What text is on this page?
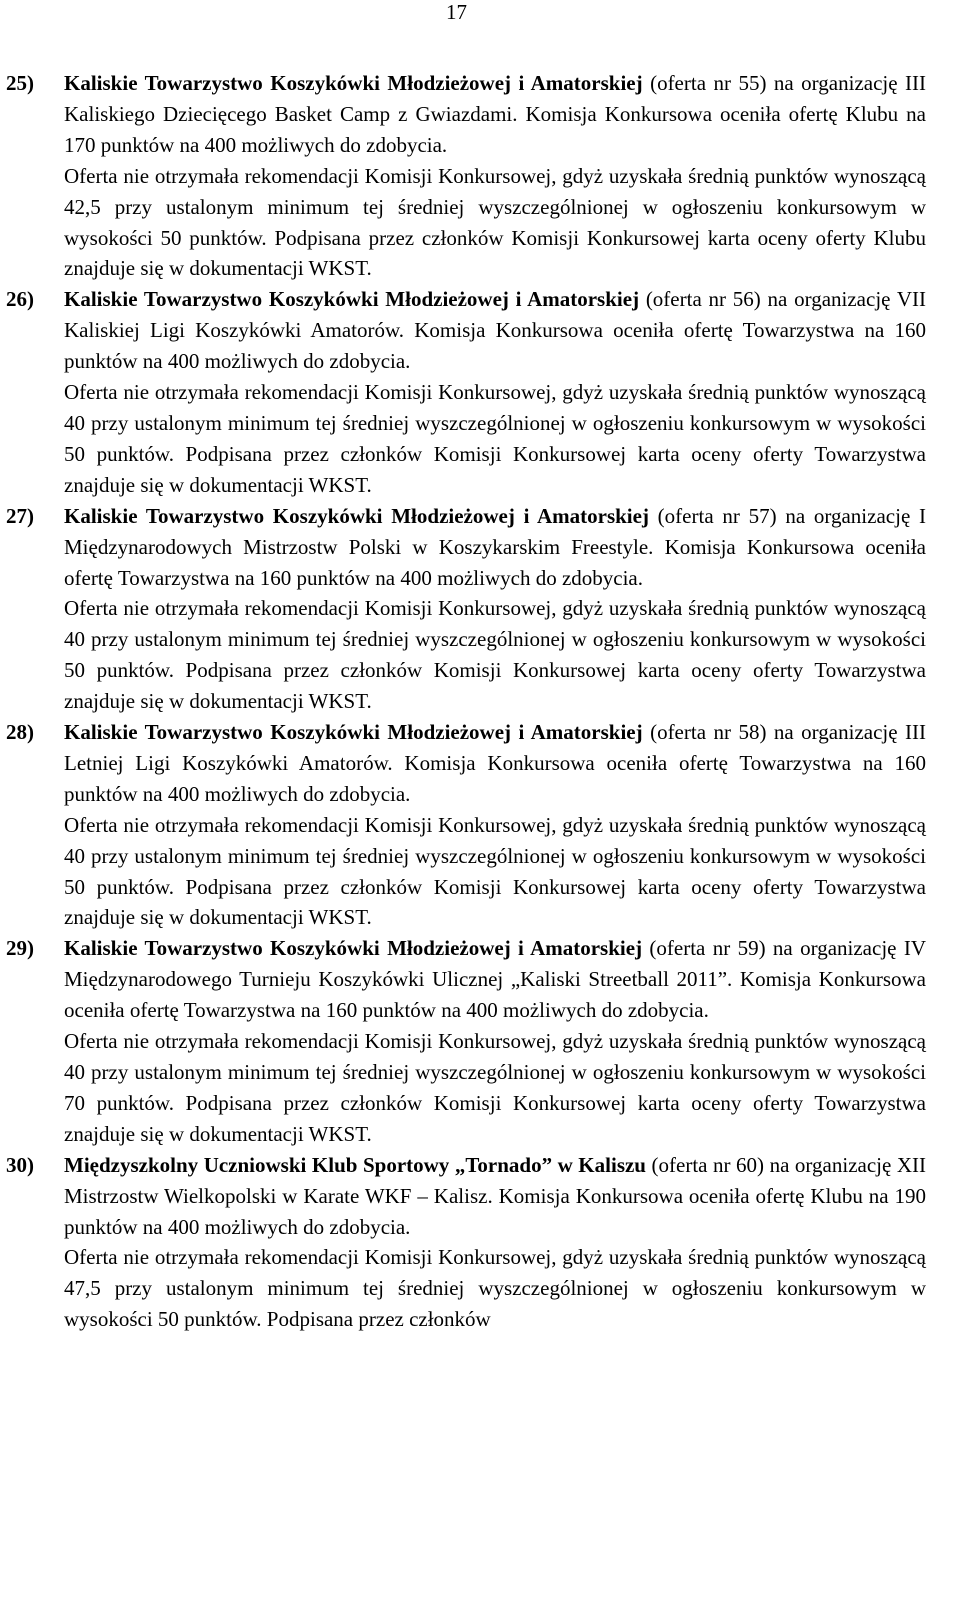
17
25) Kaliskie Towarzystwo Koszykówki Młodzieżowej i Amatorskiej (oferta nr 55) na organizację III Kaliskiego Dziecięcego Basket Camp z Gwiazdami. Komisja Konkursowa oceniła ofertę Klubu na 170 punktów na 400 możliwych do zdobycia.

Oferta nie otrzymała rekomendacji Komisji Konkursowej, gdyż uzyskała średnią punktów wynoszącą 42,5 przy ustalonym minimum tej średniej wyszczególnionej w ogłoszeniu konkursowym w wysokości 50 punktów. Podpisana przez członków Komisji Konkursowej karta oceny oferty Klubu znajduje się w dokumentacji WKST.

26) Kaliskie Towarzystwo Koszykówki Młodzieżowej i Amatorskiej (oferta nr 56) na organizację VII Kaliskiej Ligi Koszykówki Amatorów. Komisja Konkursowa oceniła ofertę Towarzystwa na 160 punktów na 400 możliwych do zdobycia.

Oferta nie otrzymała rekomendacji Komisji Konkursowej, gdyż uzyskała średnią punktów wynoszącą 40 przy ustalonym minimum tej średniej wyszczególnionej w ogłoszeniu konkursowym w wysokości 50 punktów. Podpisana przez członków Komisji Konkursowej karta oceny oferty Towarzystwa znajduje się w dokumentacji WKST.

27) Kaliskie Towarzystwo Koszykówki Młodzieżowej i Amatorskiej (oferta nr 57) na organizację I Międzynarodowych Mistrzostw Polski w Koszykarskim Freestyle. Komisja Konkursowa oceniła ofertę Towarzystwa na 160 punktów na 400 możliwych do zdobycia.

Oferta nie otrzymała rekomendacji Komisji Konkursowej, gdyż uzyskała średnią punktów wynoszącą 40 przy ustalonym minimum tej średniej wyszczególnionej w ogłoszeniu konkursowym w wysokości 50 punktów. Podpisana przez członków Komisji Konkursowej karta oceny oferty Towarzystwa znajduje się w dokumentacji WKST.

28) Kaliskie Towarzystwo Koszykówki Młodzieżowej i Amatorskiej (oferta nr 58) na organizację III Letniej Ligi Koszykówki Amatorów. Komisja Konkursowa oceniła ofertę Towarzystwa na 160 punktów na 400 możliwych do zdobycia.

Oferta nie otrzymała rekomendacji Komisji Konkursowej, gdyż uzyskała średnią punktów wynoszącą 40 przy ustalonym minimum tej średniej wyszczególnionej w ogłoszeniu konkursowym w wysokości 50 punktów. Podpisana przez członków Komisji Konkursowej karta oceny oferty Towarzystwa znajduje się w dokumentacji WKST.

29) Kaliskie Towarzystwo Koszykówki Młodzieżowej i Amatorskiej (oferta nr 59) na organizację IV Międzynarodowego Turnieju Koszykówki Ulicznej „Kaliski Streetball 2011”. Komisja Konkursowa oceniła ofertę Towarzystwa na 160 punktów na 400 możliwych do zdobycia.

Oferta nie otrzymała rekomendacji Komisji Konkursowej, gdyż uzyskała średnią punktów wynoszącą 40 przy ustalonym minimum tej średniej wyszczególnionej w ogłoszeniu konkursowym w wysokości 70 punktów. Podpisana przez członków Komisji Konkursowej karta oceny oferty Towarzystwa znajduje się w dokumentacji WKST.

30) Międzyszkolny Uczniowski Klub Sportowy „Tornado” w Kaliszu (oferta nr 60) na organizację XII Mistrzostw Wielkopolski w Karate WKF – Kalisz. Komisja Konkursowa oceniła ofertę Klubu na 190 punktów na 400 możliwych do zdobycia.

Oferta nie otrzymała rekomendacji Komisji Konkursowej, gdyż uzyskała średnią punktów wynoszącą 47,5 przy ustalonym minimum tej średniej wyszczególnionej w ogłoszeniu konkursowym w wysokości 50 punktów. Podpisana przez członków
